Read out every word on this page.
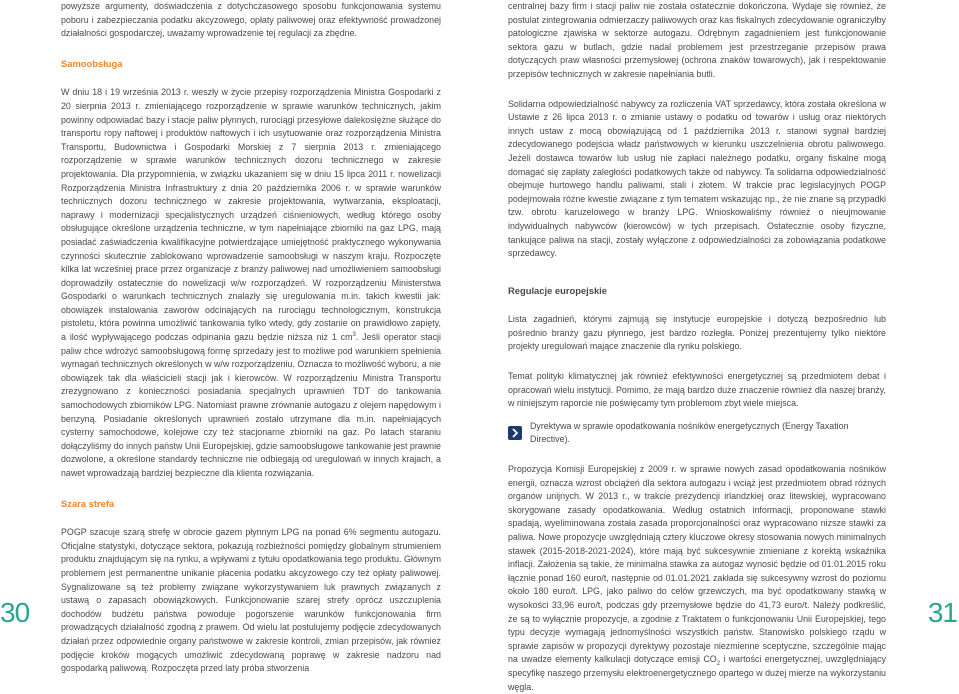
powyższe argumenty, doświadczenia z dotychczasowego sposobu funkcjonowania systemu poboru i zabezpieczania podatku akcyzowego, opłaty paliwowej oraz efektywność prowadzonej działalności gospodarczej, uważamy wprowadzenie tej regulacji za zbędne.

Samoobsługa

W dniu 18 i 19 września 2013 r. weszły w życie przepisy rozporządzenia Ministra Gospodarki z 20 sierpnia 2013 r. zmieniającego rozporządzenie w sprawie warunków technicznych, jakim powinny odpowiadać bazy i stacje paliw płynnych, rurociągi przesyłowe dalekosiężne służące do transportu ropy naftowej i produktów naftowych i ich usytuowanie oraz rozporządzenia Ministra Transportu, Budownictwa i Gospodarki Morskiej z 7 sierpnia 2013 r. zmieniającego rozporządzenie w sprawie warunków technicznych dozoru technicznego w zakresie projektowania. Dla przypomnienia, w związku ukazaniem się w dniu 15 lipca 2011 r. nowelizacji Rozporządzenia Ministra Infrastruktury z dnia 20 października 2006 r. w sprawie warunków technicznych dozoru technicznego w zakresie projektowania, wytwarzania, eksploatacji, naprawy i modernizacji specjalistycznych urządzeń ciśnieniowych, według którego osoby obsługujące określone urządzenia techniczne, w tym napełniające zbiorniki na gaz LPG, mają posiadać zaświadczenia kwalifikacyjne potwierdzające umiejętność praktycznego wykonywania czynności skutecznie zablokowano wprowadzenie samoobsługi w naszym kraju. Rozpoczęte kilka lat wcześniej prace przez organizacje z branży paliwowej nad umożliwieniem samoobsługi doprowadziły ostatecznie do nowelizacji w/w rozporządzeń. W rozporządzeniu Ministerstwa Gospodarki o warunkach technicznych znalazły się uregulowania m.in. takich kwestii jak: obowiązek instalowania zaworów odcinających na rurociągu technologicznym, konstrukcja pistoletu, która powinna umożliwić tankowania tylko wtedy, gdy zostanie on prawidłowo zapięty, a ilość wypływającego podczas odpinania gazu będzie niższa niż 1 $cm^3$. Jeśli operator stacji paliw chce wdrożyć samoobsługową formę sprzedaży jest to możliwe pod warunkiem spełnienia wymagań technicznych określonych w w/w rozporządzeniu. Oznacza to możliwość wyboru, a nie obowiązek tak dla właścicieli stacji jak i kierowców. W rozporządzeniu Ministra Transportu zrezygnowano z konieczności posiadania specjalnych uprawnień TDT do tankowania samochodowych zbiorników LPG. Natomiast prawne zrównanie autogazu z olejem napędowym i benzyną. Posiadanie określonych uprawnień zostało utrzymane dla m.in. napełniających cysterny samochodowe, kolejowe czy też stacjonarne zbiorniki na gaz. Po latach staraniu dołączyliśmy do innych państw Unii Europejskiej, gdzie samoobsługowe tankowanie jest prawnie dozwolone, a określone standardy techniczne nie odbiegają od uregulowań w innych krajach, a nawet wprowadzają bardziej bezpieczne dla klienta rozwiązania.

Szara strefa

POGP szacuje szarą strefę w obrocie gazem płynnym LPG na ponad 6% segmentu autogazu. Oficjalne statystyki, dotyczące sektora, pokazują rozbieżności pomiędzy globalnym strumieniem produktu znajdującym się na rynku, a wpływami z tytułu opodatkowania tego produktu. Głównym problemem jest permanentne unikanie płacenia podatku akcyzowego czy też opłaty paliwowej. Sygnalizowane są też problemy związane wykorzystywaniem luk prawnych związanych z ustawą o zapasach obowiązkowych. Funkcjonowanie szarej strefy oprócz uszczuplenia dochodów budżetu państwa powoduje pogorszenie warunków funkcjonowania firm prowadzących działalność zgodną z prawem. Od wielu lat postulujemy podjęcie zdecydowanych działań przez odpowiednie organy państwowe w zakresie kontroli, zmian przepisów, jak również podjęcie kroków mogących umożliwić zdecydowaną poprawę w zakresie nadzoru nad gospodarką paliwową. Rozpoczęta przed laty próba stworzenia

centralnej bazy firm i stacji paliw nie została ostatecznie dokończona. Wydaje się również, że postulat zintegrowania odmierzaczy paliwowych oraz kas fiskalnych zdecydowanie ograniczyłby patologiczne zjawiska w sektorze autogazu. Odrębnym zagadnieniem jest funkcjonowanie sektora gazu w butlach, gdzie nadal problemem jest przestrzeganie przepisów prawa dotyczących praw własności przemysłowej (ochrona znaków towarowych), jak i respektowanie przepisów technicznych w zakresie napełniania butli.

Solidarna odpowiedzialność nabywcy za rozliczenia VAT sprzedawcy, która została określona w Ustawie z 26 lipca 2013 r. o zmianie ustawy o podatku od towarów i usług oraz niektórych innych ustaw z mocą obowiązującą od 1 października 2013 r. stanowi sygnał bardziej zdecydowanego podejścia władz państwowych w kierunku uszczelnienia obrotu paliwowego. Jeżeli dostawca towarów lub usług nie zapłaci należnego podatku, organy fiskalne mogą domagać się zapłaty zaległości podatkowych także od nabywcy. Ta solidarna odpowiedzialność obejmuje hurtowego handlu paliwami, stali i złotem. W trakcie prac legislacyjnych POGP podejmowała różne kwestie związane z tym tematem wskazując np., że nie znane są przypadki tzw. obrotu karuzelowego w branży LPG. Wnioskowaliśmy również o nieujmowanie indywidualnych nabywców (kierowców) w tych przepisach. Ostatecznie osoby fizyczne, tankujące paliwa na stacji, zostały wyłączone z odpowiedzialności za zobowiązania podatkowe sprzedawcy.

Regulacje europejskie

Lista zagadnień, którymi zajmują się instytucje europejskie i dotyczą bezpośrednio lub pośrednio branży gazu płynnego, jest bardzo rozległa. Poniżej prezentujemy tylko niektóre projekty uregulowań mające znaczenie dla rynku polskiego.

Temat polityki klimatycznej jak również efektywności energetycznej są przedmiotem debat i opracowań wielu instytucji. Pomimo, że mają bardzo duże znaczenie również dla naszej branży, w niniejszym raporcie nie poświęcamy tym problemom zbyt wiele miejsca.

Dyrektywa w sprawie opodatkowania nośników energetycznych (Energy Taxation Directive).

Propozycja Komisji Europejskiej z 2009 r. w sprawie nowych zasad opodatkowania nośników energii, oznacza wzrost obciążeń dla sektora autogazu i wciąż jest przedmiotem obrad różnych organów unijnych. W 2013 r., w trakcie prezydencji irlandzkiej oraz litewskiej, wypracowano skorygowane zasady opodatkowania. Według ostatnich informacji, proponowane stawki spadają, wyeliminowana została zasada proporcjonalności oraz wypracowano nizsze stawki za paliwa. Nowe propozycje uwzględniają cztery kluczowe okresy stosowania nowych minimalnych stawek (2015-2018-2021-2024), które mają być sukcesywnie zmieniane z korektą wskaźnika inflacji. Założenia są takie, że minimalna stawka za autogaz wynosić będzie od 01.01.2015 roku łącznie ponad 160 euro/t, następnie od 01.01.2021 zakłada się sukcesywny wzrost do poziomu około 180 euro/t. LPG, jako paliwo do celów grzewczych, ma być opodatkowany stawką w wysokości 33,96 euro/t, podczas gdy przemysłowe będzie do 41,73 euro/t. Należy podkreślić, że są to wyłącznie propozycje, a zgodnie z Traktatem o funkcjonowaniu Unii Europejskiej, tego typu decyzje wymagają jednomyślności wszystkich państw. Stanowisko polskiego rządu w sprawie zapisów w propozycji dyrektywy pozostaje niezmienne sceptyczne, szczególnie mając na uwadze elementy kalkulacji dotyczące emisji $CO_2$ i wartości energetycznej, uwzględniający specyfikę naszego przemysłu elektroenergetycznego opartego w dużej mierze na wykorzystaniu węgla.

30	31
